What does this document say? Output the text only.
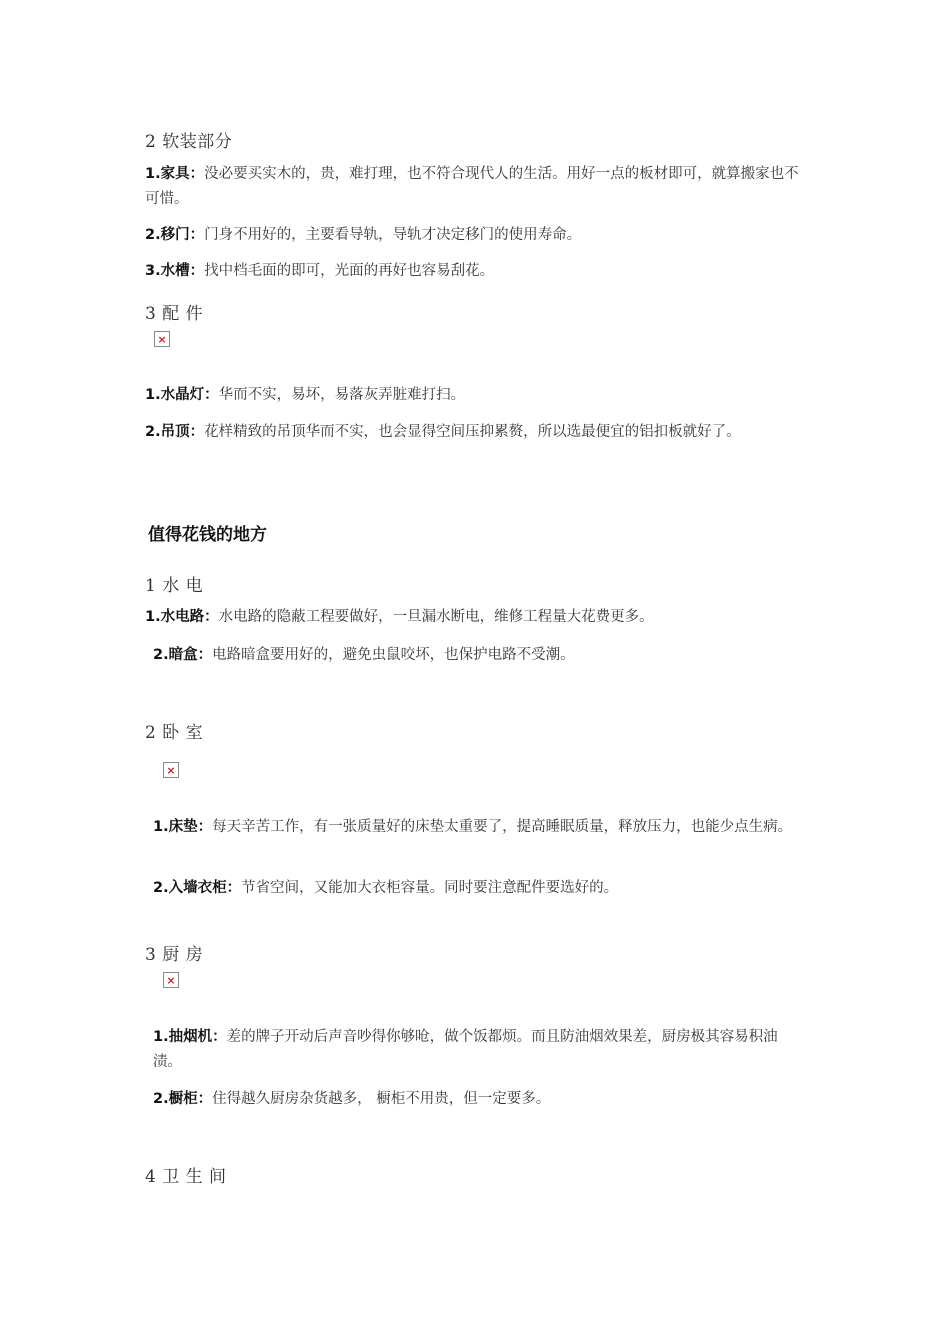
2 软装部分
1.家具：没必要买实木的，贵，难打理，也不符合现代人的生活。用好一点的板材即可，就算搬家也不可惜。
2.移门：门身不用好的，主要看导轨，导轨才决定移门的使用寿命。
3.水槽：找中档毛面的即可，光面的再好也容易刮花。
3 配 件
×
1.水晶灯：华而不实，易坏，易落灰弄脏难打扫。
2.吊顶：花样精致的吊顶华而不实，也会显得空间压抑累赘，所以选最便宜的铝扣板就好了。
值得花钱的地方
1 水 电
1.水电路：水电路的隐蔽工程要做好，一旦漏水断电，维修工程量大花费更多。
2.暗盒：电路暗盒要用好的，避免虫鼠咬坏，也保护电路不受潮。
2 卧 室
×
1.床垫：每天辛苦工作，有一张质量好的床垫太重要了，提高睡眠质量，释放压力，也能少点生病。
2.入墙衣柜：节省空间，又能加大衣柜容量。同时要注意配件要选好的。
3 厨 房
×
1.抽烟机：差的牌子开动后声音吵得你够呛，做个饭都烦。而且防油烟效果差，厨房极其容易积油渍。
2.橱柜：住得越久厨房杂货越多， 橱柜不用贵，但一定要多。
4 卫 生 间
